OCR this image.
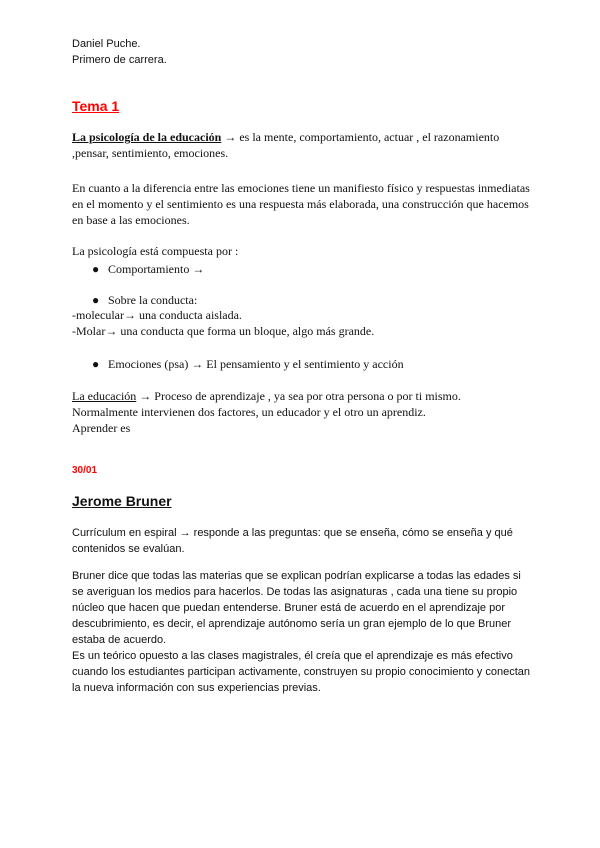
Daniel Puche.
Primero de carrera.
Tema 1

La psicología de la educación → es la mente, comportamiento, actuar , el razonamiento ,pensar, sentimiento, emociones.

En cuanto a la diferencia entre las emociones tiene un manifiesto físico y respuestas inmediatas en el momento y el sentimiento es una respuesta más elaborada, una construcción que hacemos en base a las emociones.

La psicología está compuesta por :

● Comportamiento →
● Sobre la conducta:

-molecular→ una conducta aislada.

-Molar→ una conducta que forma un bloque, algo más grande.

● Emociones (psa) → El pensamiento y el sentimiento y acción

La educación → Proceso de aprendizaje , ya sea por otra persona o por ti mismo.

Normalmente intervienen dos factores, un educador y el otro un aprendiz.

Aprender es

30/01
Jerome Bruner

Currículum en espiral → responde a las preguntas: que se enseña, cómo se enseña y qué contenidos se evalúan.

Bruner dice que todas las materias que se explican podrían explicarse a todas las edades si se averiguan los medios para hacerlos. De todas las asignaturas , cada una tiene su propio núcleo que hacen que puedan entenderse. Bruner está de acuerdo en el aprendizaje por descubrimiento, es decir, el aprendizaje autónomo sería un gran ejemplo de lo que Bruner estaba de acuerdo.

Es un teórico opuesto a las clases magistrales, él creía que el aprendizaje es más efectivo cuando los estudiantes participan activamente, construyen su propio conocimiento y conectan la nueva información con sus experiencias previas.
